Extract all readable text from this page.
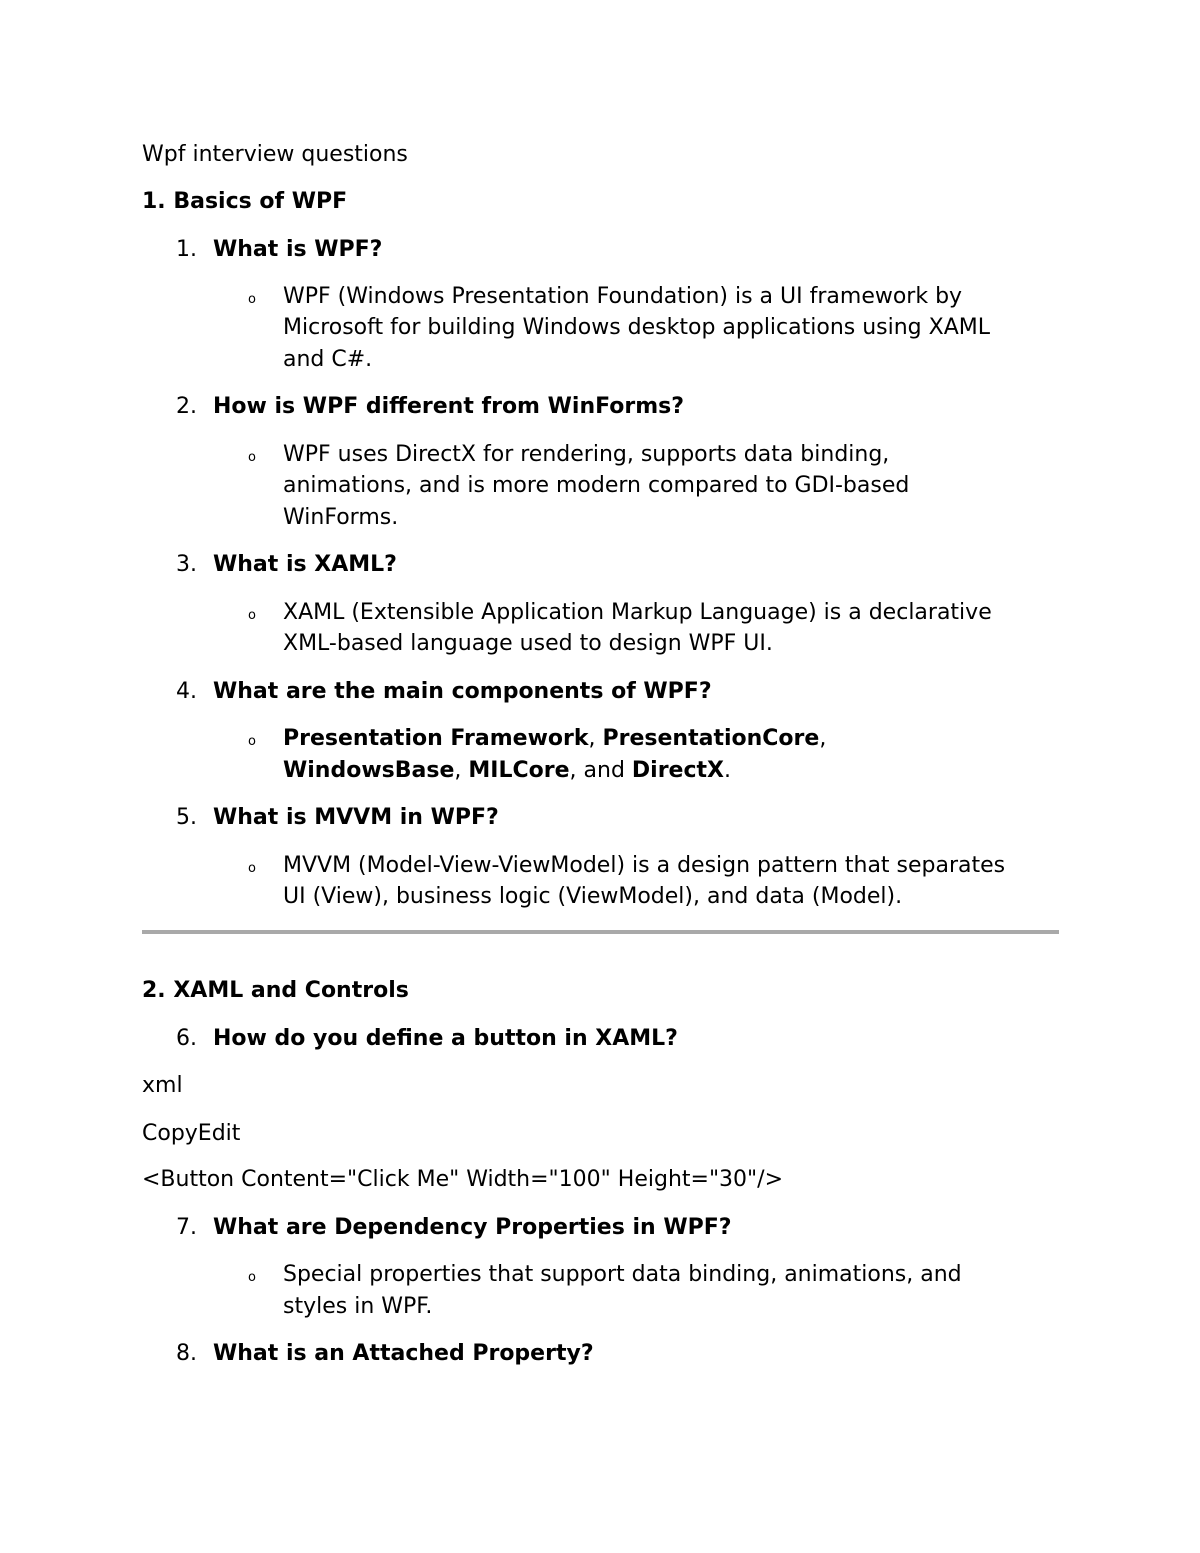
Wpf interview questions
1. Basics of WPF
1. What is WPF?
o WPF (Windows Presentation Foundation) is a UI framework by
Microsoft for building Windows desktop applications using XAML
and C#.
2. How is WPF different from WinForms?
o WPF uses DirectX for rendering, supports data binding,
animations, and is more modern compared to GDI-based
WinForms.
3. What is XAML?
o XAML (Extensible Application Markup Language) is a declarative
XML-based language used to design WPF UI.
4. What are the main components of WPF?
o Presentation Framework, PresentationCore,
WindowsBase, MILCore, and DirectX.
5. What is MVVM in WPF?
o MVVM (Model-View-ViewModel) is a design pattern that separates
UI (View), business logic (ViewModel), and data (Model).
2. XAML and Controls
6. How do you define a button in XAML?
xml
CopyEdit
<Button Content="Click Me" Width="100" Height="30"/>
7. What are Dependency Properties in WPF?
o Special properties that support data binding, animations, and
styles in WPF.
8. What is an Attached Property?
